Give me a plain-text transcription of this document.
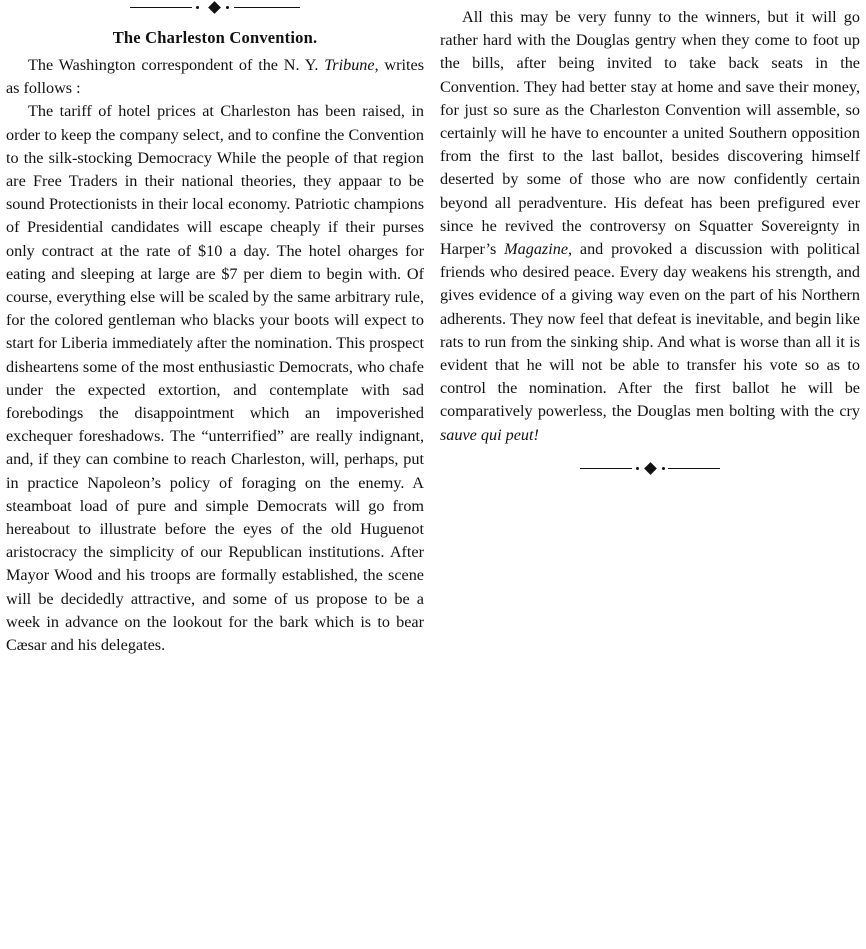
The Charleston Convention.

The Washington correspondent of the N. Y. Tribune, writes as follows :

The tariff of hotel prices at Charleston has been raised, in order to keep the company select, and to confine the Convention to the silk-stocking Democracy While the people of that region are Free Traders in their national theories, they appaar to be sound Protectionists in their local economy. Patriotic champions of Presidential candidates will escape cheaply if their purses only contract at the rate of $10 a day. The hotel oharges for eating and sleeping at large are $7 per diem to begin with. Of course, everything else will be scaled by the same arbitrary rule, for the colored gentleman who blacks your boots will expect to start for Liberia immediately after the nomination. This prospect disheartens some of the most enthusiastic Democrats, who chafe under the expected extortion, and contemplate with sad forebodings the disappointment which an impoverished exchequer foreshadows. The “unterrified” are really indignant, and, if they can combine to reach Charleston, will, perhaps, put in practice Napoleon’s policy of foraging on the enemy. A steamboat load of pure and simple Democrats will go from hereabout to illustrate before the eyes of the old Huguenot aristocracy the simplicity of our Republican institutions. After Mayor Wood and his troops are formally established, the scene will be decidedly attractive, and some of us propose to be a week in advance on the lookout for the bark which is to bear Cæsar and his delegates.

All this may be very funny to the winners, but it will go rather hard with the Douglas gentry when they come to foot up the bills, after being invited to take back seats in the Convention. They had better stay at home and save their money, for just so sure as the Charleston Convention will assemble, so certainly will he have to encounter a united Southern opposition from the first to the last ballot, besides discovering himself deserted by some of those who are now confidently certain beyond all peradventure. His defeat has been prefigured ever since he revived the controversy on Squatter Sovereignty in Harper’s Magazine, and provoked a discussion with political friends who desired peace. Every day weakens his strength, and gives evidence of a giving way even on the part of his Northern adherents. They now feel that defeat is inevitable, and begin like rats to run from the sinking ship. And what is worse than all it is evident that he will not be able to transfer his vote so as to control the nomination. After the first ballot he will be comparatively powerless, the Douglas men bolting with the cry sauve qui peut!
